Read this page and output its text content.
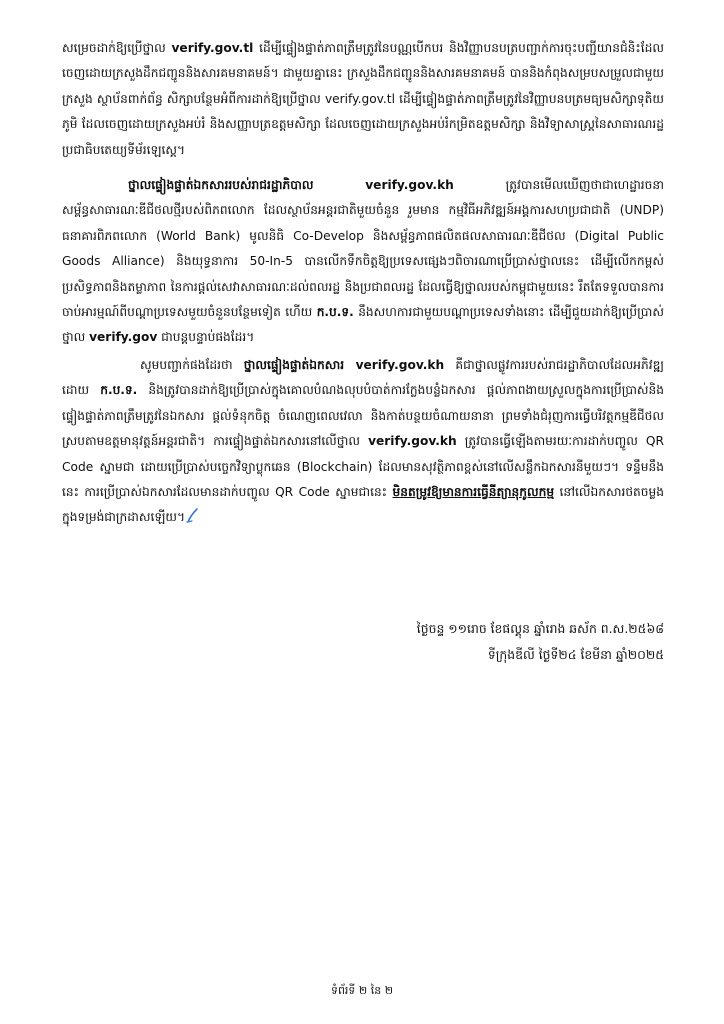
សម្រេចដាក់ឱ្យប្រើថ្នាល verify.gov.tl ដើម្បីផ្ទៀងផ្ទាត់ភាពត្រឹមត្រូវនៃបណ្ណបើកបរ និងវិញ្ញាបនបត្របញ្ជាក់ការចុះបញ្ជីយានជំនិះដែលចេញដោយក្រសួងដឹកជញ្ជូននិងសារគមនាគមន៍។ ជាមួយគ្នានេះ ក្រសួងដឹកជញ្ជូននិងសារគមនាគមន៍ បាននិងកំពុងសម្របសម្រួលជាមួយក្រសួង ស្ថាប័នពាក់ព័ន្ធ សិក្សាបន្ថែមអំពីការដាក់ឱ្យប្រើថ្នាល verify.gov.tl ដើម្បីផ្ទៀងផ្ទាត់ភាពត្រឹមត្រូវនៃវិញ្ញាបនបត្រមធ្យមសិក្សាទុតិយភូមិ ដែលចេញដោយក្រសួងអប់រំ និងសញ្ញាបត្រឧត្តមសិក្សា ដែលចេញដោយក្រសួងអប់រំកម្រិតឧត្តមសិក្សា និងវិទ្យាសាស្ត្រនៃសាធារណរដ្ឋប្រជាធិបតេយ្យទីម័រឡេស្តេ។

ថ្នាលផ្ទៀងផ្ទាត់ឯកសាររបស់រាជរដ្ឋាភិបាល	verify.gov.kh ត្រូវបានមើលឃើញថាជាហេដ្ឋារចនាសម្ព័ន្ធសាធារណៈឌីជីថលថ្មីរបស់ពិភពលោក ដែលស្ថាប័នអន្តរជាតិមួយចំនួន រួមមាន កម្មវិធីអភិវឌ្ឍន៍អង្គការសហប្រជាជាតិ (UNDP) ធនាគារពិភពលោក (World Bank) មូលនិធិ Co-Develop និងសម្ព័ន្ធភាពផលិតផលសាធារណៈឌីជីថល (Digital Public Goods Alliance) និងយុទ្ធនាការ 50-In-5 បានលើកទឹកចិត្តឱ្យប្រទេសផ្សេងៗពិចារណាប្រើប្រាស់ថ្នាលនេះ ដើម្បីលើកកម្ពស់ប្រសិទ្ធភាពនិងតម្លាភាព នៃការផ្ដល់សេវាសាធារណៈដល់ពលរដ្ឋ និងប្រជាពលរដ្ឋ ដែលធ្វើឱ្យថ្នាលរបស់កម្ពុជាមួយនេះ រឹតតែទទួលបានការចាប់អារម្មណ៍ពីបណ្ដាប្រទេសមួយចំនួនបន្ថែមទៀត ហើយ ក.ប.ទ. នឹងសហការជាមួយបណ្ដាប្រទេសទាំងនោះ ដើម្បីជួយដាក់ឱ្យប្រើប្រាស់ថ្នាល verify.gov ជាបន្តបន្ទាប់ផងដែរ។

សូមបញ្ជាក់ផងដែរថា ថ្នាលផ្ទៀងផ្ទាត់ឯកសារ verify.gov.kh គឺជាថ្នាលផ្លូវការរបស់រាជរដ្ឋាភិបាលដែលអភិវឌ្ឍដោយ ក.ប.ទ. និងត្រូវបានដាក់ឱ្យប្រើប្រាស់ក្នុងគោលបំណងលុបបំបាត់ការក្លែងបន្លំឯកសារ ផ្ដល់ភាពងាយស្រួលក្នុងការប្រើប្រាស់និងផ្ទៀងផ្ទាត់ភាពត្រឹមត្រូវនៃឯកសារ ផ្ដល់ទំនុកចិត្ត ចំណេញពេលវេលា និងកាត់បន្ថយចំណាយនានា ព្រមទាំងជំរុញការធ្វើបរិវត្តកម្មឌីជីថល ស្របតាមឧត្ដមានុវត្តន៍អន្តរជាតិ។ ការផ្ទៀងផ្ទាត់ឯកសារនៅលើថ្នាល verify.gov.kh ត្រូវបានធ្វើឡើងតាមរយៈការដាក់បញ្ចូល QR Code ស្នាមជា ដោយប្រើប្រាស់បច្ចេកវិទ្យាប្លុកឆេន (Blockchain) ដែលមានសុវត្ថិភាពខ្ពស់នៅលើសន្លឹកឯកសារនីមួយៗ។ ទន្ទឹមនឹងនេះ ការប្រើប្រាស់ឯកសារដែលមានដាក់បញ្ចូល QR Code ស្នាមជានេះ មិនតម្រូវឱ្យមានការធ្វើនីត្យានុកូលកម្ម នៅលើឯកសារថតចម្លងក្នុងទម្រង់ជាក្រដាសឡើយ។

ថ្ងៃចន្ទ ១១រោច ខែផល្គុន ឆ្នាំរោង ឆស័ក ព.ស.២៥៦៨
ទីក្រុងឌីលី ថ្ងៃទី២៤ ខែមីនា ឆ្នាំ២០២៥
ទំព័រទី ២ នៃ ២
